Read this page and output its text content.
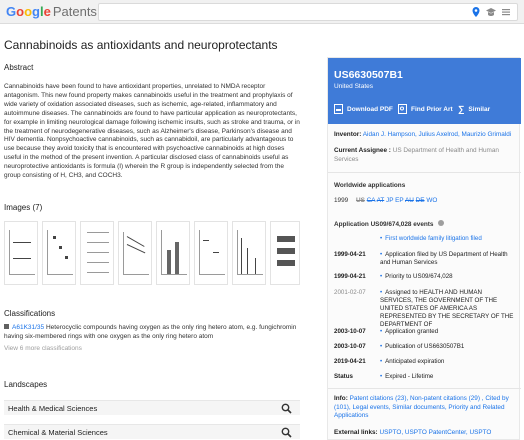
Google Patents
Cannabinoids as antioxidants and neuroprotectants
Abstract
Cannabinoids have been found to have antioxidant properties, unrelated to NMDA receptor antagonism. This new found property makes cannabinoids useful in the treatment and prophylaxis of wide variety of oxidation associated diseases, such as ischemic, age-related, inflammatory and autoimmune diseases. The cannabinoids are found to have particular application as neuroprotectants, for example in limiting neurological damage following ischemic insults, such as stroke and trauma, or in the treatment of neurodegenerative diseases, such as Alzheimer's disease, Parkinson's disease and HIV dementia. Nonpsychoactive cannabinoids, such as cannabidoil, are particularly advantageous to use because they avoid toxicity that is encountered with psychoactive cannabinoids at high doses useful in the method of the present invention. A particular disclosed class of cannabinoids useful as neuroprotective antioxidants is formula (I) wherein the R group is independently selected from the group consisting of H, CH3, and COCH3.
Images (7)
Classifications
A61K31/35 Heterocyclic compounds having oxygen as the only ring hetero atom, e.g. fungichromin having six-membered rings with one oxygen as the only ring hetero atom
View 6 more classifications
Landscapes
Health & Medical Sciences
Chemical & Material Sciences
US6630507B1
United States
Download PDF	Find Prior Art ∑ Similar
Inventor: Aidan J. Hampson, Julius Axelrod, Maurizio Grimaldi
Current Assignee : US Department of Health and Human Services
Worldwide applications
1999 US CA AT JP EP AU DE WO
Application US09/674,028 events
• First worldwide family litigation filed
1999-04-21	• Application filed by US Department of Health and Human Services
1999-04-21	• Priority to US09/674,028
2001-02-07	• Assigned to HEALTH AND HUMAN SERVICES, THE GOVERNMENT OF THE UNITED STATES OF AMERICA AS REPRESENTED BY THE SECRETARY OF THE DEPARTMENT OF
2003-10-07	• Application granted
2003-10-07	• Publication of US6630507B1
2019-04-21	• Anticipated expiration
Status	• Expired - Lifetime
Info: Patent citations (23), Non-patent citations (29) , Cited by (101), Legal events, Similar documents, Priority and Related Applications
External links: USPTO, USPTO PatentCenter, USPTO
